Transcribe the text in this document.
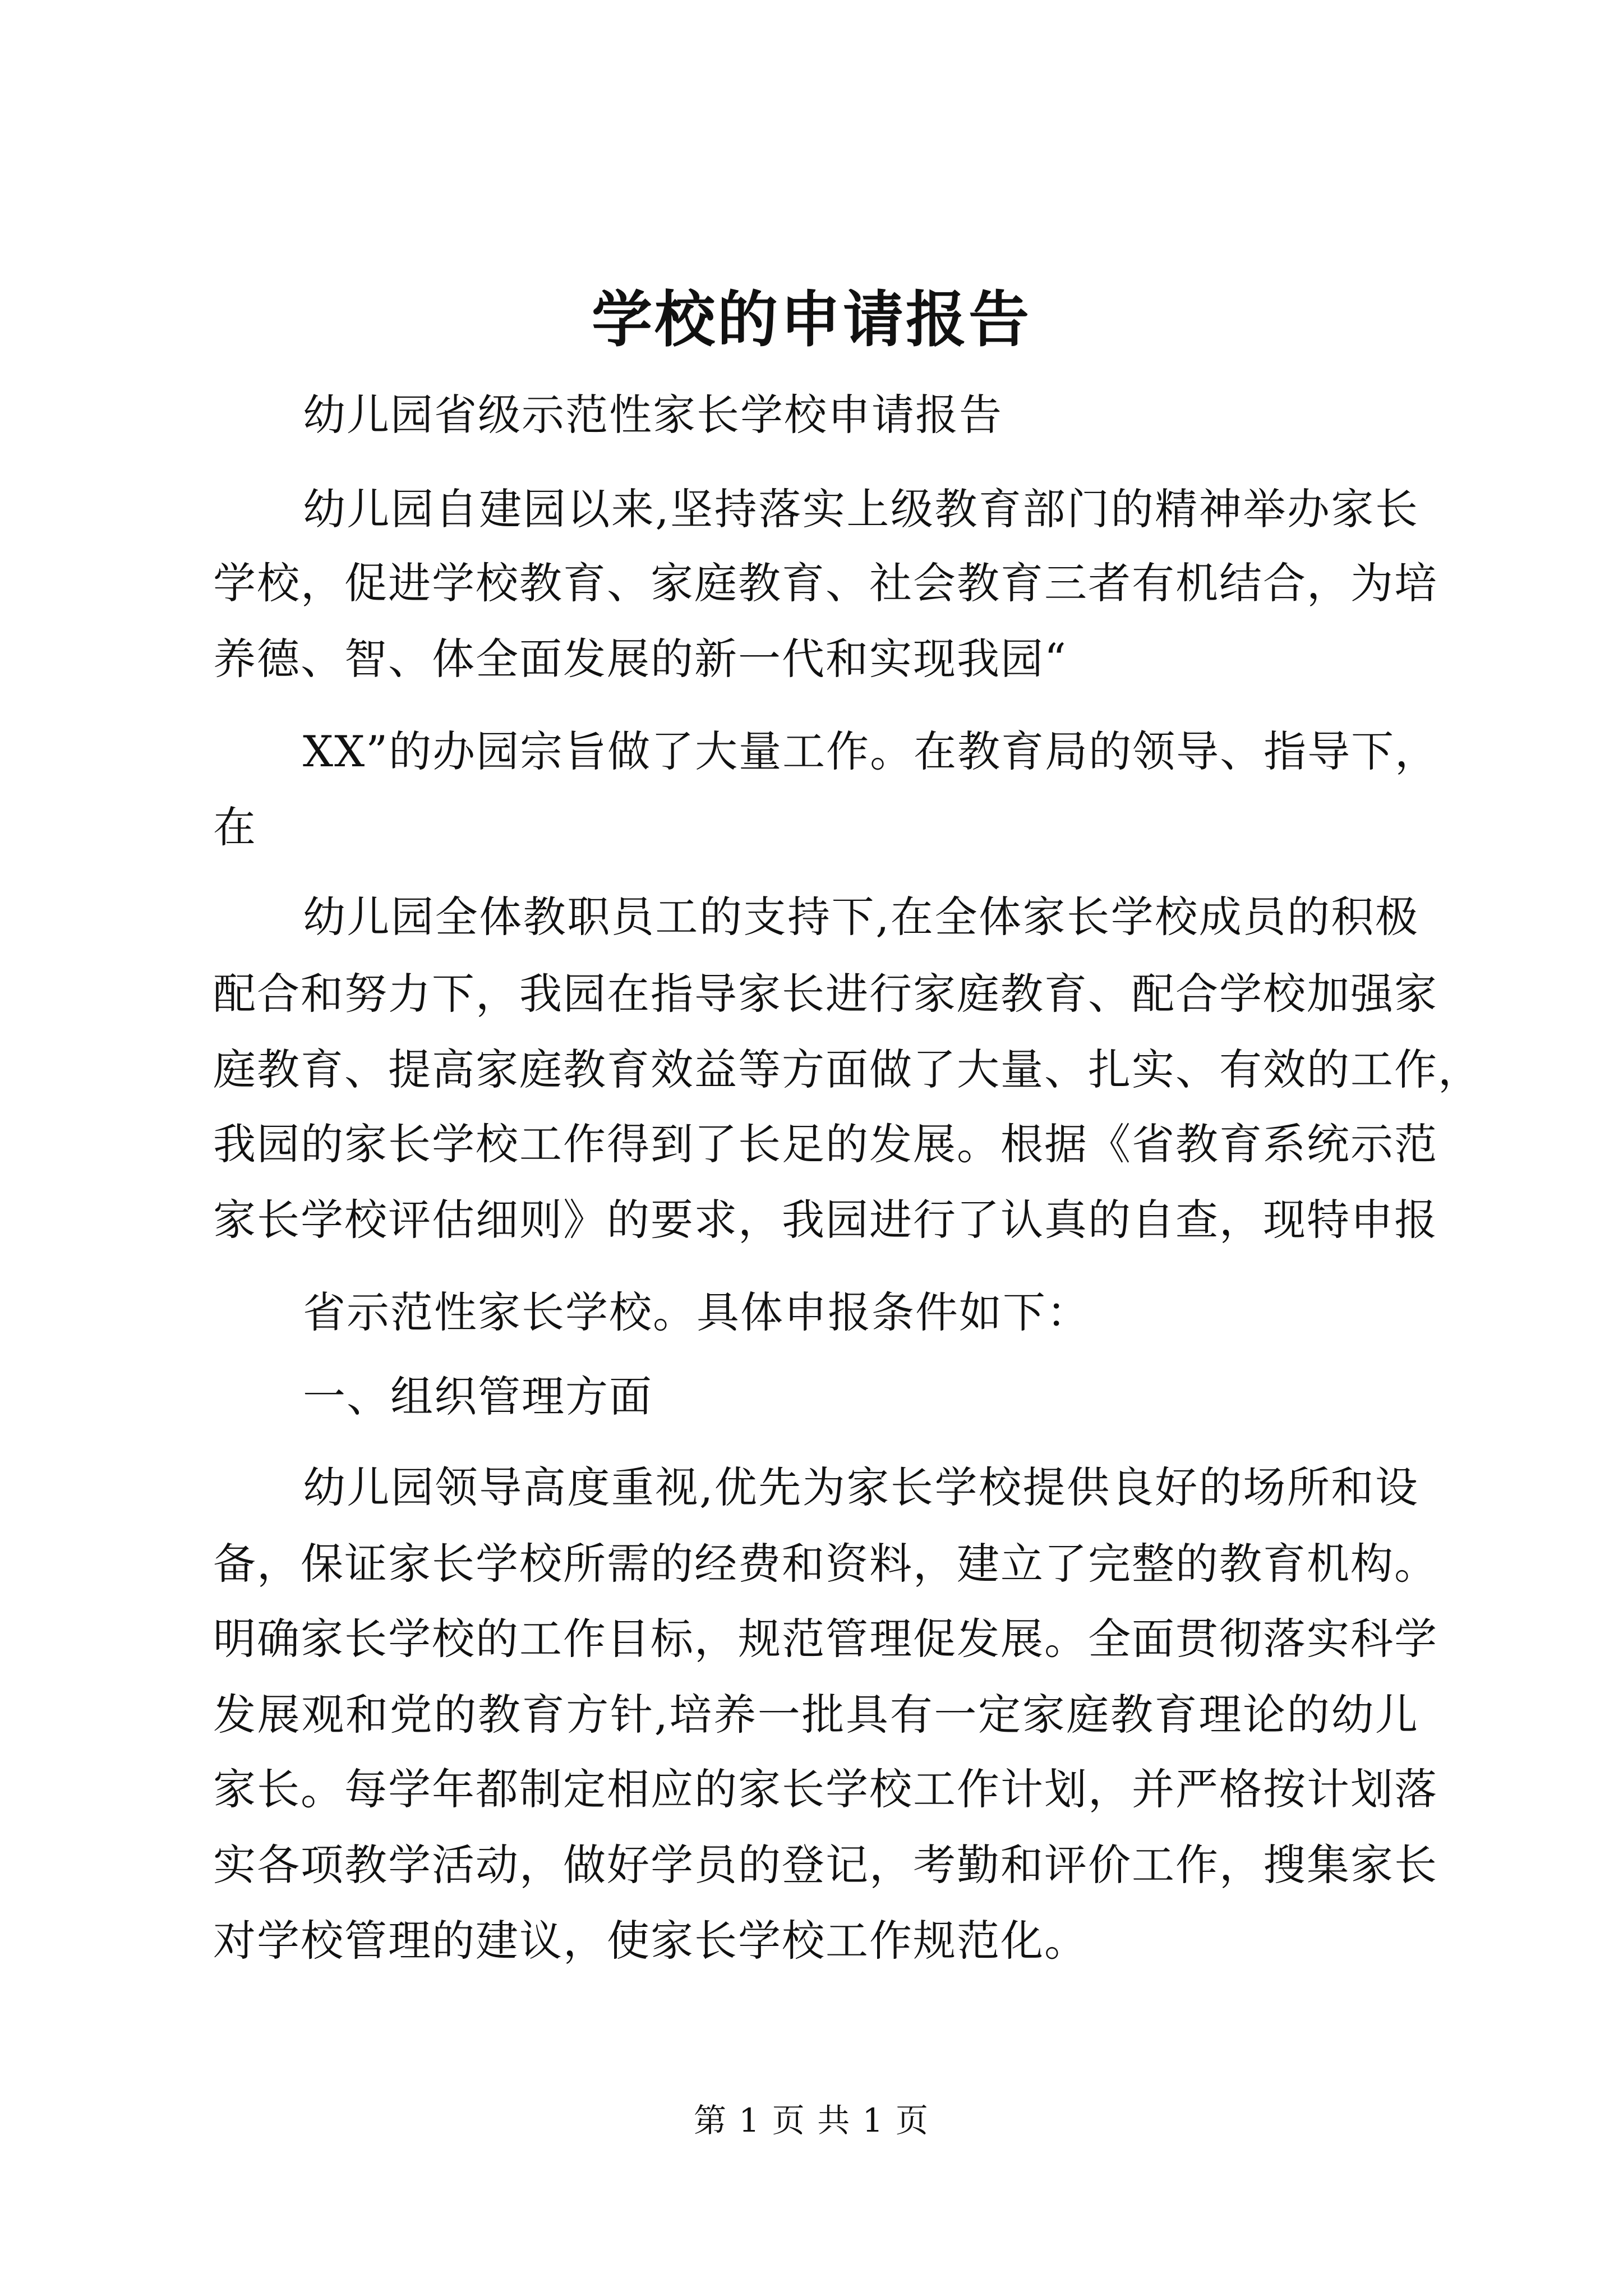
学校的申请报告
幼儿园省级示范性家长学校申请报告
幼儿园自建园以来,坚持落实上级教育部门的精神举办家长
学校，促进学校教育、家庭教育、社会教育三者有机结合，为培
养德、智、体全面发展的新一代和实现我园“
XX”的办园宗旨做了大量工作。在教育局的领导、指导下，
在
幼儿园全体教职员工的支持下,在全体家长学校成员的积极
配合和努力下，我园在指导家长进行家庭教育、配合学校加强家
庭教育、提高家庭教育效益等方面做了大量、扎实、有效的工作，
我园的家长学校工作得到了长足的发展。根据《省教育系统示范
家长学校评估细则》的要求，我园进行了认真的自查，现特申报
省示范性家长学校。具体申报条件如下：
一、组织管理方面
幼儿园领导高度重视,优先为家长学校提供良好的场所和设
备，保证家长学校所需的经费和资料，建立了完整的教育机构。
明确家长学校的工作目标，规范管理促发展。全面贯彻落实科学
发展观和党的教育方针,培养一批具有一定家庭教育理论的幼儿
家长。每学年都制定相应的家长学校工作计划，并严格按计划落
实各项教学活动，做好学员的登记，考勤和评价工作，搜集家长
对学校管理的建议，使家长学校工作规范化。
第 1 页 共 1 页
